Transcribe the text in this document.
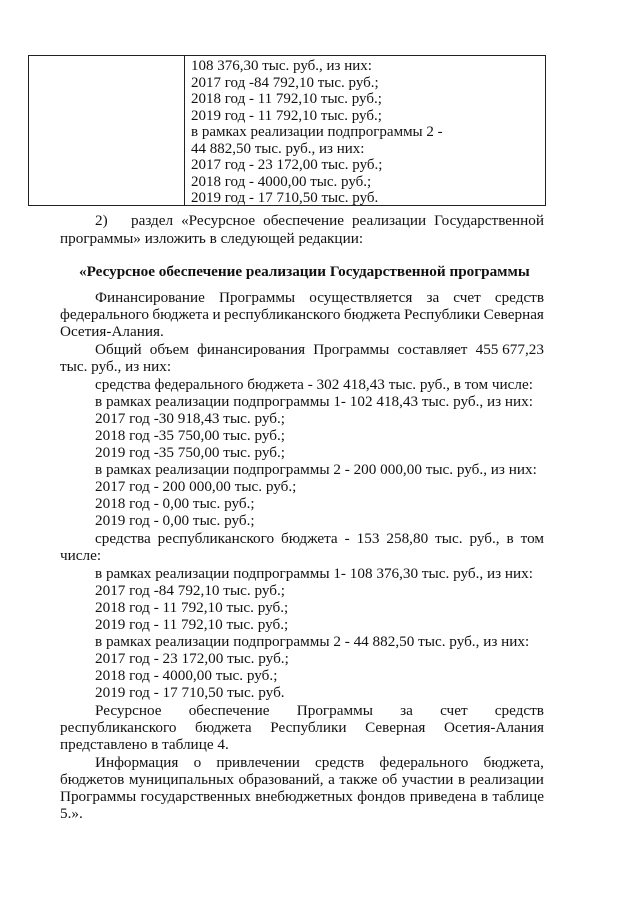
108 376,30 тыс. руб., из них:
2017 год -84 792,10 тыс. руб.;
2018 год - 11 792,10 тыс. руб.;
2019 год - 11 792,10 тыс. руб.;
в рамках реализации подпрограммы 2 -
44 882,50 тыс. руб., из них:
2017 год - 23 172,00 тыс. руб.;
2018 год - 4000,00 тыс. руб.;
2019 год - 17 710,50 тыс. руб.
2) раздел «Ресурсное обеспечение реализации Государственной
программы» изложить в следующей редакции:
«Ресурсное обеспечение реализации Государственной программы
Финансирование Программы осуществляется за счет средств
федерального бюджета и республиканского бюджета Республики Северная
Осетия-Алания.
Общий объем финансирования Программы составляет 455 677,23
тыс. руб., из них:
средства федерального бюджета - 302 418,43 тыс. руб., в том числе:
в рамках реализации подпрограммы 1- 102 418,43 тыс. руб., из них:
2017 год -30 918,43 тыс. руб.;
2018 год -35 750,00 тыс. руб.;
2019 год -35 750,00 тыс. руб.;
в рамках реализации подпрограммы 2 - 200 000,00 тыс. руб., из них:
2017 год - 200 000,00 тыс. руб.;
2018 год - 0,00 тыс. руб.;
2019 год - 0,00 тыс. руб.;
средства республиканского бюджета - 153 258,80 тыс. руб., в том
числе:
в рамках реализации подпрограммы 1- 108 376,30 тыс. руб., из них:
2017 год -84 792,10 тыс. руб.;
2018 год - 11 792,10 тыс. руб.;
2019 год - 11 792,10 тыс. руб.;
в рамках реализации подпрограммы 2 - 44 882,50 тыс. руб., из них:
2017 год - 23 172,00 тыс. руб.;
2018 год - 4000,00 тыс. руб.;
2019 год - 17 710,50 тыс. руб.
Ресурсное обеспечение Программы за счет средств
республиканского бюджета Республики Северная Осетия-Алания
представлено в таблице 4.
Информация о привлечении средств федерального бюджета,
бюджетов муниципальных образований, а также об участии в реализации
Программы государственных внебюджетных фондов приведена в таблице
5.».
